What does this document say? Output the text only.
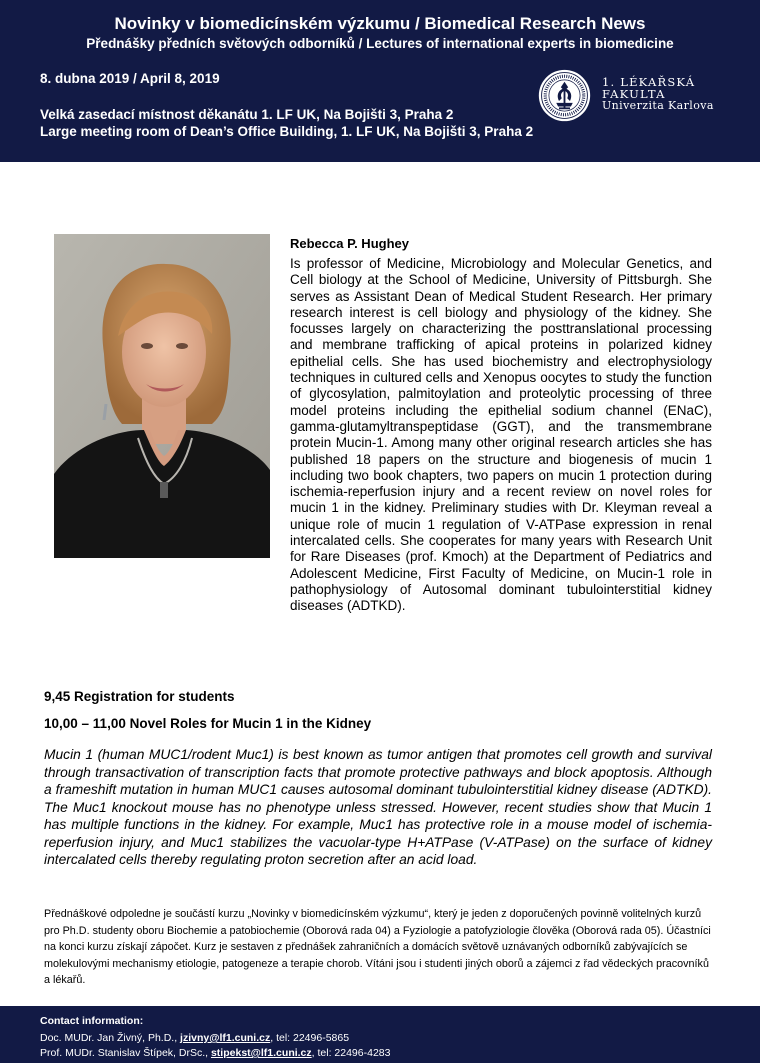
Novinky v biomedicínském výzkumu / Biomedical Research News
Přednášky předních světových odborníků / Lectures of international experts in biomedicine
8. dubna 2019 / April 8, 2019
Velká zasedací místnost děkanátu 1. LF UK, Na Bojišti 3, Praha 2
Large meeting room of Dean’s Office Building, 1. LF UK, Na Bojišti 3, Praha 2
1. LÉKAŘSKÁ
FAKULTA
Univerzita Karlova
Rebecca P. Hughey

Is professor of Medicine, Microbiology and Molecular Genetics, and Cell biology at the School of Medicine, University of Pittsburgh. She serves as Assistant Dean of Medical Student Research. Her primary research interest is cell biology and physiology of the kidney. She focusses largely on characterizing the posttranslational processing and membrane trafficking of apical proteins in polarized kidney epithelial cells. She has used biochemistry and electrophysiology techniques in cultured cells and Xenopus oocytes to study the function of glycosylation, palmitoylation and proteolytic processing of three model proteins including the epithelial sodium channel (ENaC), gamma-glutamyltranspeptidase (GGT), and the transmembrane protein Mucin-1. Among many other original research articles she has published 18 papers on the structure and biogenesis of mucin 1 including two book chapters, two papers on mucin 1 protection during ischemia-reperfusion injury and a recent review on novel roles for mucin 1 in the kidney. Preliminary studies with Dr. Kleyman reveal a unique role of mucin 1 regulation of V-ATPase expression in renal intercalated cells. She cooperates for many years with Research Unit for Rare Diseases (prof. Kmoch) at the Department of Pediatrics and Adolescent Medicine, First Faculty of Medicine, on Mucin-1 role in pathophysiology of Autosomal dominant tubulointerstitial kidney diseases (ADTKD).

9,45 Registration for students
10,00 – 11,00 Novel Roles for Mucin 1 in the Kidney

Mucin 1 (human MUC1/rodent Muc1) is best known as tumor antigen that promotes cell growth and survival through transactivation of transcription facts that promote protective pathways and block apoptosis. Although a frameshift mutation in human MUC1 causes autosomal dominant tubulointerstitial kidney disease (ADTKD). The Muc1 knockout mouse has no phenotype unless stressed. However, recent studies show that Mucin 1 has multiple functions in the kidney. For example, Muc1 has protective role in a mouse model of ischemia-reperfusion injury, and Muc1 stabilizes the vacuolar-type H+ATPase (V-ATPase) on the surface of kidney intercalated cells thereby regulating proton secretion after an acid load.

Přednáškové odpoledne je součástí kurzu „Novinky v biomedicínském výzkumu“, který je jeden z doporučených povinně volitelných kurzů pro Ph.D. studenty oboru Biochemie a patobiochemie (Oborová rada 04) a Fyziologie a patofyziologie člověka (Oborová rada 05). Účastníci na konci kurzu získají zápočet. Kurz je sestaven z přednášek zahraničních a domácích světově uznávaných odborníků zabývajících se molekulovými mechanismy etiologie, patogeneze a terapie chorob. Vítáni jsou i studenti jiných oborů a zájemci z řad vědeckých pracovníků a lékařů.

Contact information:
Doc. MUDr. Jan Živný, Ph.D., jzivny@lf1.cuni.cz, tel: 22496-5865
Prof. MUDr. Stanislav Štípek, DrSc., stipekst@lf1.cuni.cz, tel: 22496-4283
